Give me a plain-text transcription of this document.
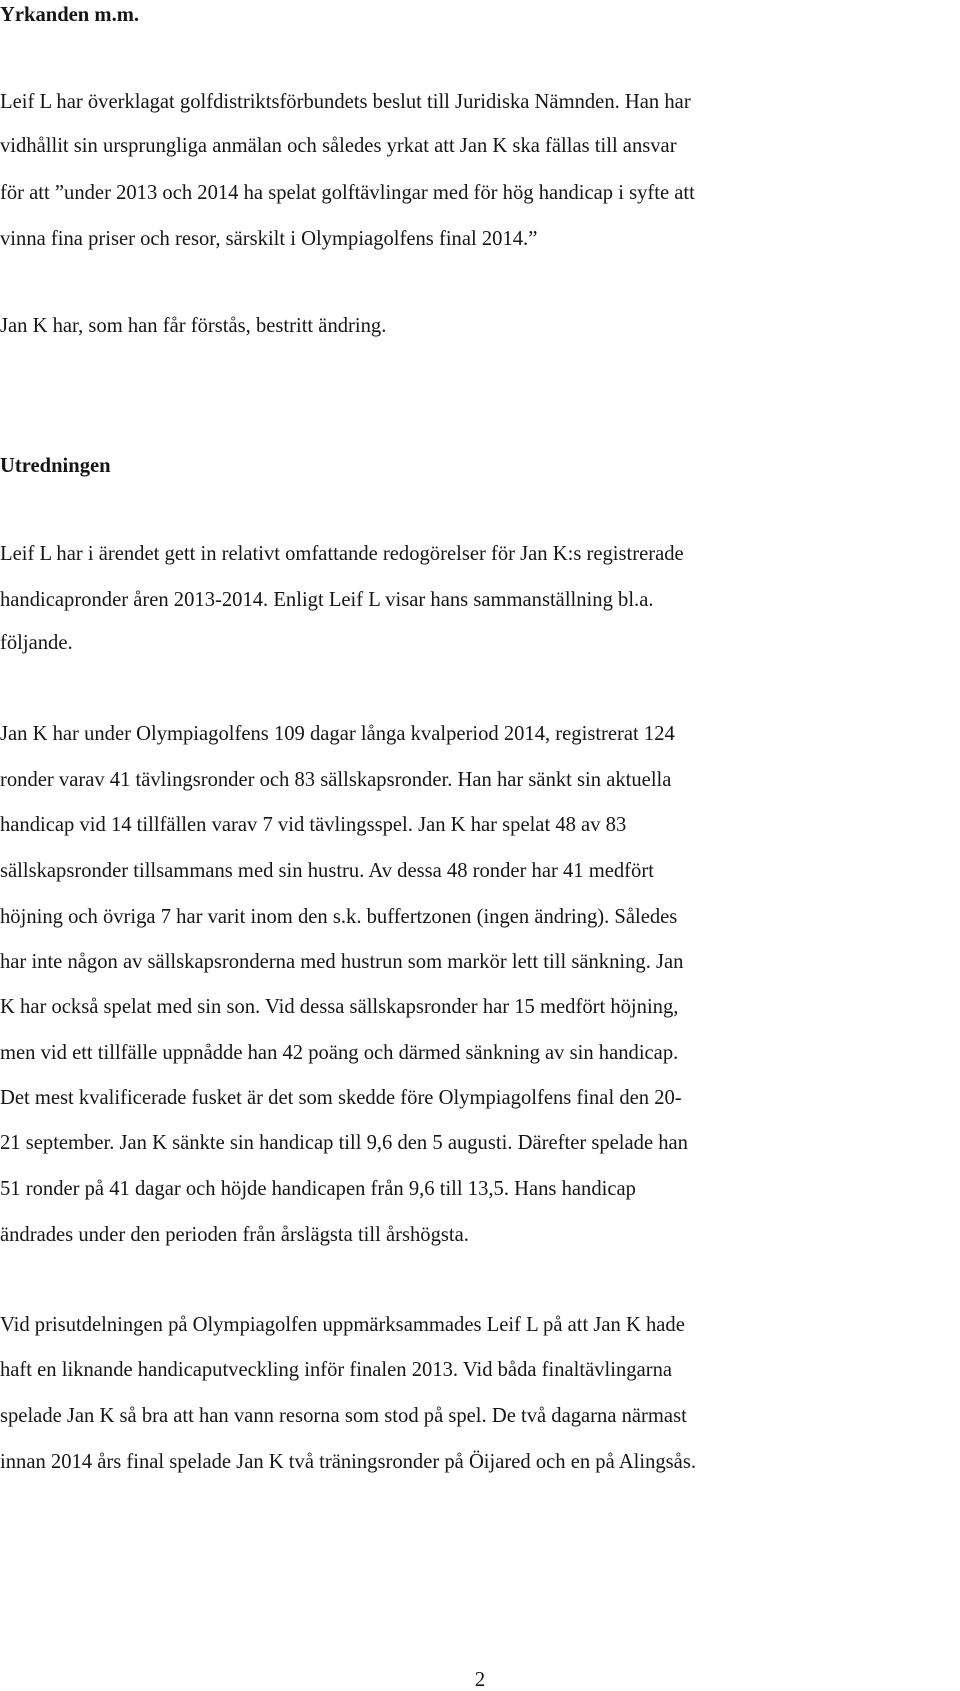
Yrkanden m.m.
Leif L har överklagat golfdistriktsförbundets beslut till Juridiska Nämnden. Han har
vidhållit sin ursprungliga anmälan och således yrkat att Jan K ska fällas till ansvar
för att ”under 2013 och 2014 ha spelat golftävlingar med för hög handicap i syfte att
vinna fina priser och resor, särskilt i Olympiagolfens final 2014.”
Jan K har, som han får förstås, bestritt ändring.
Utredningen
Leif L har i ärendet gett in relativt omfattande redogörelser för Jan K:s registrerade
handicapronder åren 2013-2014. Enligt Leif L visar hans sammanställning bl.a.
följande.
Jan K har under Olympiagolfens 109 dagar långa kvalperiod 2014, registrerat 124
ronder varav 41 tävlingsronder och 83 sällskapsronder. Han har sänkt sin aktuella
handicap vid 14 tillfällen varav 7 vid tävlingsspel. Jan K har spelat 48 av 83
sällskapsronder tillsammans med sin hustru. Av dessa 48 ronder har 41 medfört
höjning och övriga 7 har varit inom den s.k. buffertzonen (ingen ändring). Således
har inte någon av sällskapsronderna med hustrun som markör lett till sänkning. Jan
K har också spelat med sin son. Vid dessa sällskapsronder har 15 medfört höjning,
men vid ett tillfälle uppnådde han 42 poäng och därmed sänkning av sin handicap.
Det mest kvalificerade fusket är det som skedde före Olympiagolfens final den 20-
21 september. Jan K sänkte sin handicap till 9,6 den 5 augusti. Därefter spelade han
51 ronder på 41 dagar och höjde handicapen från 9,6 till 13,5. Hans handicap
ändrades under den perioden från årslägsta till årshögsta.
Vid prisutdelningen på Olympiagolfen uppmärksammades Leif L på att Jan K hade
haft en liknande handicaputveckling inför finalen 2013. Vid båda finaltävlingarna
spelade Jan K så bra att han vann resorna som stod på spel. De två dagarna närmast
innan 2014 års final spelade Jan K två träningsronder på Öijared och en på Alingsås.
2
